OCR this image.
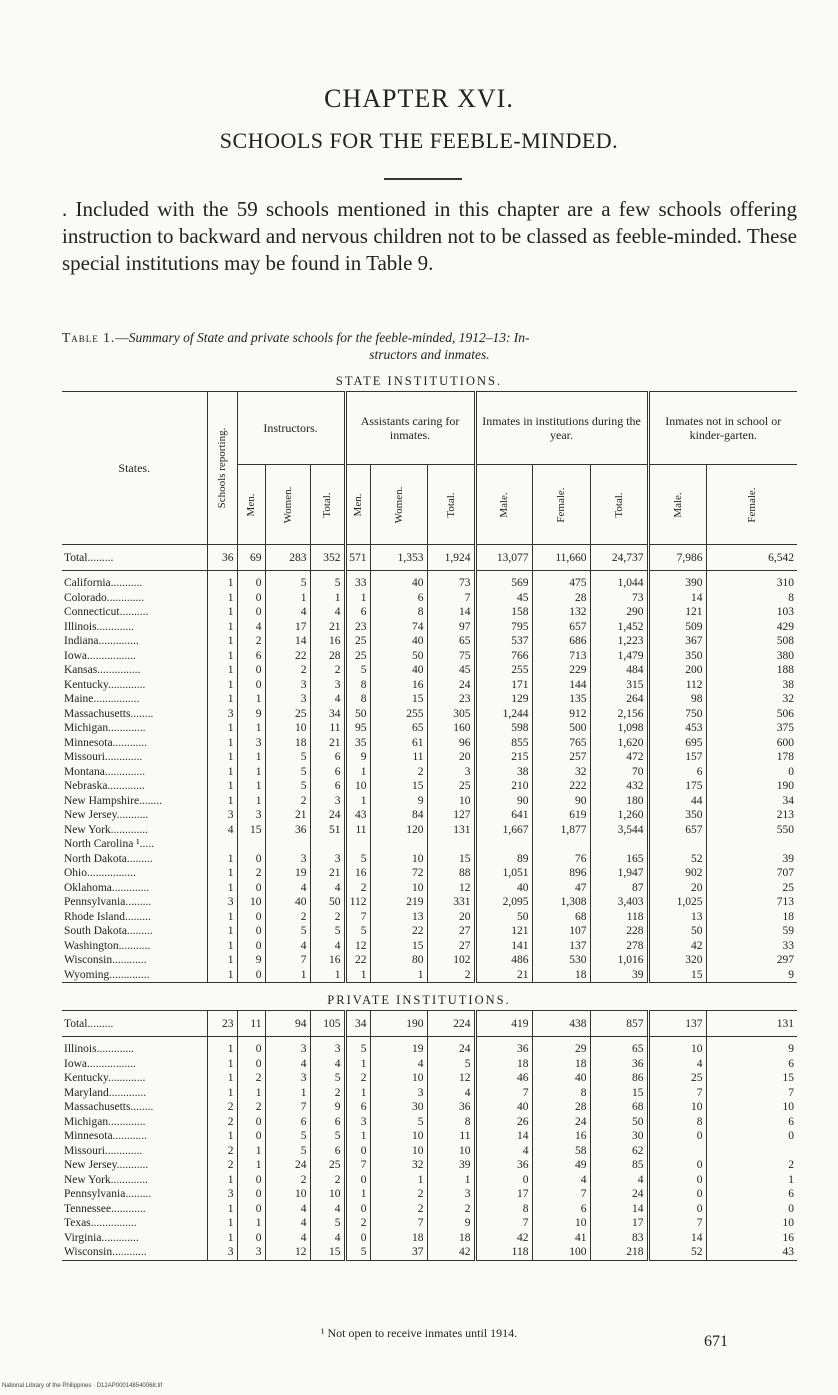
CHAPTER XVI.
SCHOOLS FOR THE FEEBLE-MINDED.
. Included with the 59 schools mentioned in this chapter are a few schools offering instruction to backward and nervous children not to be classed as feeble-minded. These special institutions may be found in Table 9.
Table 1.—Summary of State and private schools for the feeble-minded, 1912–13: In-
structors and inmates.
STATE INSTITUTIONS.
States.	Schools reporting.	Instructors.			Assistants caring for inmates.			Inmates in institutions during the year.			Inmates not in school or kinder-garten.	

		Men.	Women.	Total.	Men.	Women.	Total.	Male.	Female.	Total.	Male.	Female.

Total.........	36	69	283	352	571	1,353	1,924	13,077	11,660	24,737	7,986	6,542
California...........	1	0	5	5	33	40	73	569	475	1,044	390	310
Colorado.............	1	0	1	1	1	6	7	45	28	73	14	8
Connecticut..........	1	0	4	4	6	8	14	158	132	290	121	103
Illinois.............	1	4	17	21	23	74	97	795	657	1,452	509	429
Indiana..............	1	2	14	16	25	40	65	537	686	1,223	367	508
Iowa.................	1	6	22	28	25	50	75	766	713	1,479	350	380
Kansas...............	1	0	2	2	5	40	45	255	229	484	200	188
Kentucky.............	1	0	3	3	8	16	24	171	144	315	112	38
Maine................	1	1	3	4	8	15	23	129	135	264	98	32
Massachusetts........	3	9	25	34	50	255	305	1,244	912	2,156	750	506
Michigan.............	1	1	10	11	95	65	160	598	500	1,098	453	375
Minnesota............	1	3	18	21	35	61	96	855	765	1,620	695	600
Missouri.............	1	1	5	6	9	11	20	215	257	472	157	178
Montana..............	1	1	5	6	1	2	3	38	32	70	6	0
Nebraska.............	1	1	5	6	10	15	25	210	222	432	175	190
New Hampshire........	1	1	2	3	1	9	10	90	90	180	44	34
New Jersey...........	3	3	21	24	43	84	127	641	619	1,260	350	213
New York.............	4	15	36	51	11	120	131	1,667	1,877	3,544	657	550
North Carolina ¹.....												
North Dakota.........	1	0	3	3	5	10	15	89	76	165	52	39
Ohio.................	1	2	19	21	16	72	88	1,051	896	1,947	902	707
Oklahoma.............	1	0	4	4	2	10	12	40	47	87	20	25
Pennsylvania.........	3	10	40	50	112	219	331	2,095	1,308	3,403	1,025	713
Rhode Island.........	1	0	2	2	7	13	20	50	68	118	13	18
South Dakota.........	1	0	5	5	5	22	27	121	107	228	50	59
Washington...........	1	0	4	4	12	15	27	141	137	278	42	33
Wisconsin............	1	9	7	16	22	80	102	486	530	1,016	320	297
Wyoming..............	1	0	1	1	1	1	2	21	18	39	15	9
PRIVATE INSTITUTIONS.
Total.........	23	11	94	105	34	190	224	419	438	857	137	131
Illinois.............	1	0	3	3	5	19	24	36	29	65	10	9
Iowa.................	1	0	4	4	1	4	5	18	18	36	4	6
Kentucky.............	1	2	3	5	2	10	12	46	40	86	25	15
Maryland.............	1	1	1	2	1	3	4	7	8	15	7	7
Massachusetts........	2	2	7	9	6	30	36	40	28	68	10	10
Michigan.............	2	0	6	6	3	5	8	26	24	50	8	6
Minnesota............	1	0	5	5	1	10	11	14	16	30	0	0
Missouri.............	2	1	5	6	0	10	10	4	58	62		
New Jersey...........	2	1	24	25	7	32	39	36	49	85	0	2
New York.............	1	0	2	2	0	1	1	0	4	4	0	1
Pennsylvania.........	3	0	10	10	1	2	3	17	7	24	0	6
Tennessee............	1	0	4	4	0	2	2	8	6	14	0	0
Texas................	1	1	4	5	2	7	9	7	10	17	7	10
Virginia.............	1	0	4	4	0	18	18	42	41	83	14	16
Wisconsin............	3	3	12	15	5	37	42	118	100	218	52	43
¹ Not open to receive inmates until 1914.	671
National Library of the Philippines · D12AP000148540068.tif
